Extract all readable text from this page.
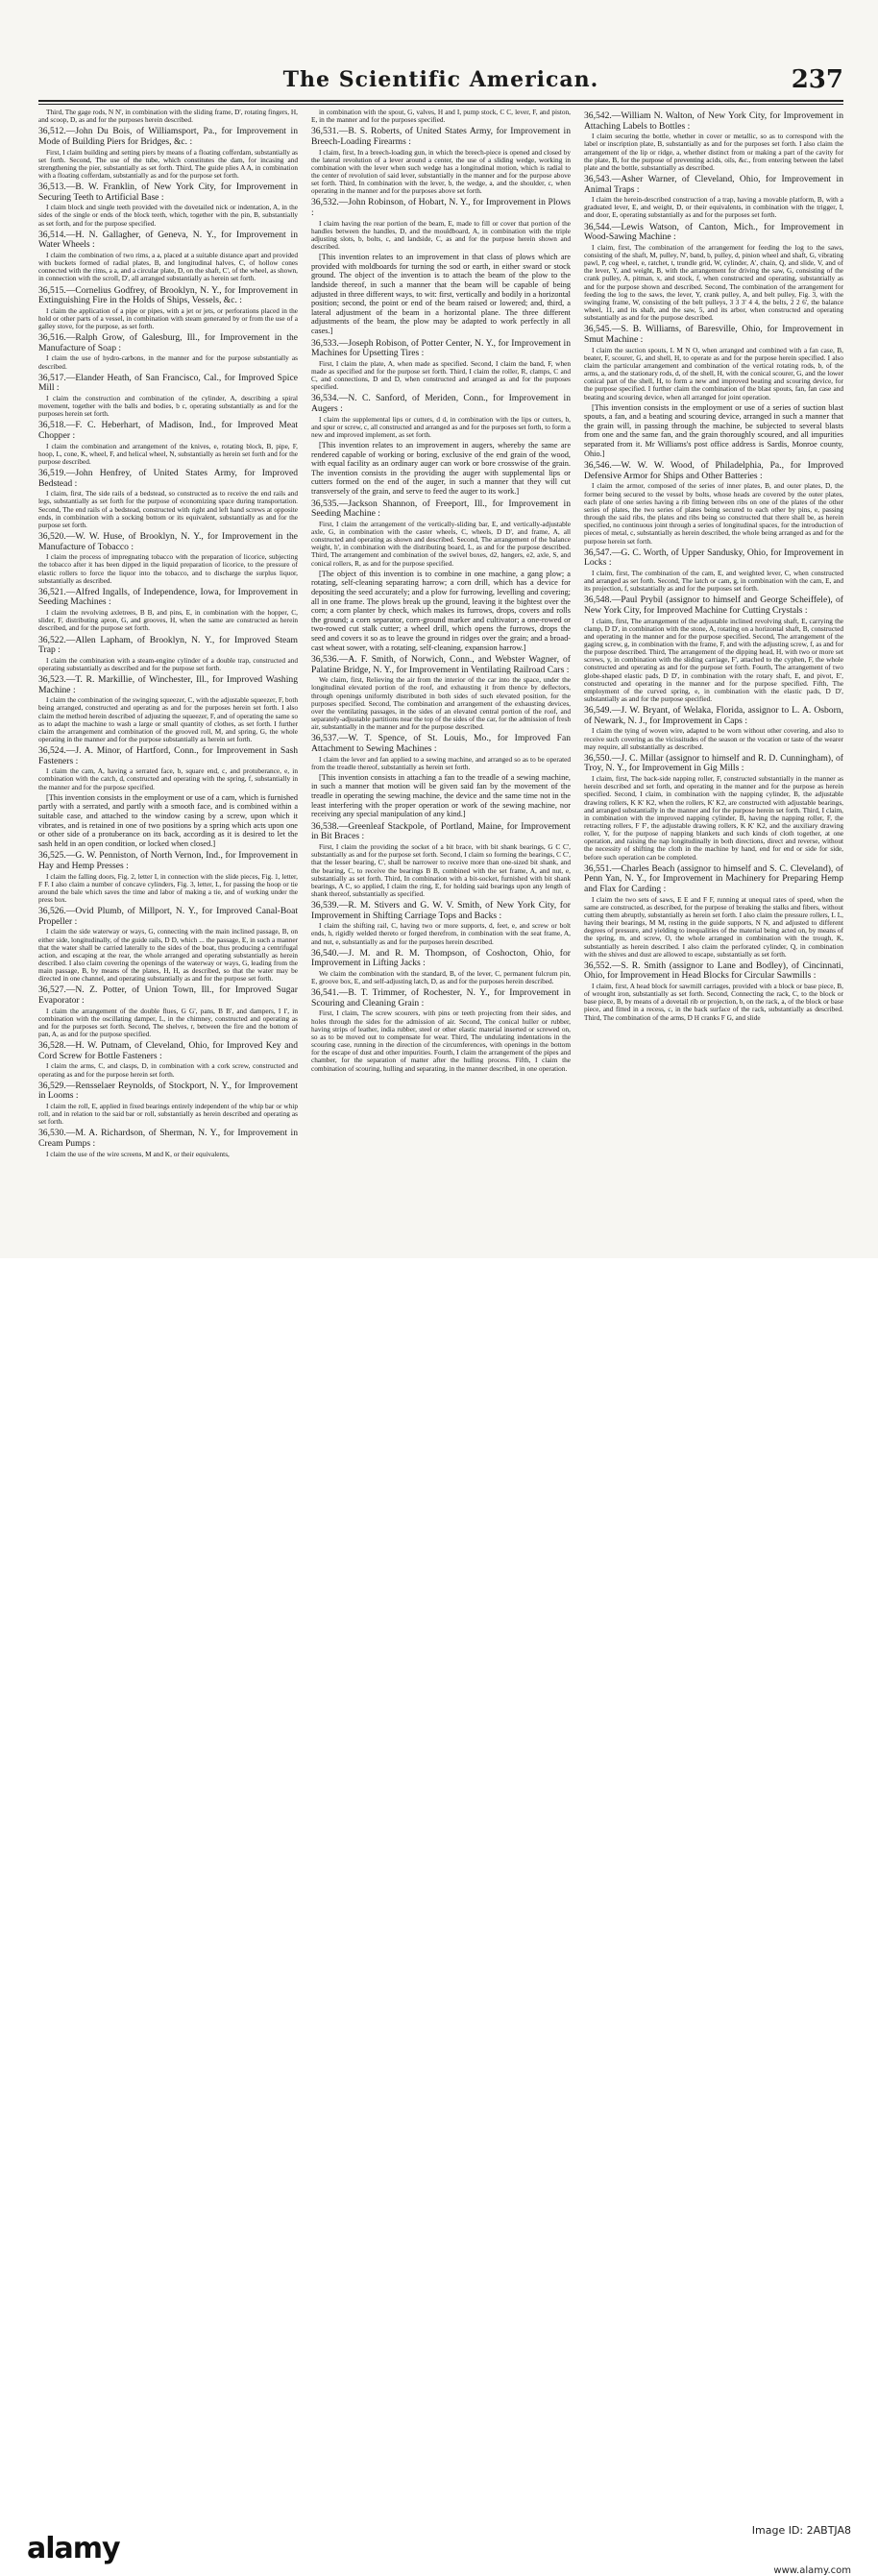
The Scientific American.	237
Third, The gage rods, N N', in combination with the sliding frame, D', rotating fingers, H, and scoop, D, as and for the purposes herein described.
36,512.—John Du Bois, of Williamsport, Pa., for Improvement in Mode of Building Piers for Bridges, &c. :
First, I claim building and setting piers by means of a floating cofferdam, substantially as set forth. Second, The use of the tube, which constitutes the dam, for incasing and strengthening the pier, substantially as set forth. Third, The guide plies A A, in combination with a floating cofferdam, substantially as and for the purpose set forth.
36,513.—B. W. Franklin, of New York City, for Improvement in Securing Teeth to Artificial Base :
I claim block and single teeth provided with the dovetailed nick or indentation, A, in the sides of the single or ends of the block teeth, which, together with the pin, B, substantially as set forth, and for the purpose specified.
36,514.—H. N. Gallagher, of Geneva, N. Y., for Improvement in Water Wheels :
I claim the combination of two rims, a a, placed at a suitable distance apart and provided with buckets formed of radial plates, B, and longitudinal halves, C, of hollow cones connected with the rims, a a, and a circular plate, D, on the shaft, C', of the wheel, as shown, in connection with the scroll, D', all arranged substantially as herein set forth.
36,515.—Cornelius Godfrey, of Brooklyn, N. Y., for Improvement in Extinguishing Fire in the Holds of Ships, Vessels, &c. :
I claim the application of a pipe or pipes, with a jet or jets, or perforations placed in the hold or other parts of a vessel, in combination with steam generated by or from the use of a galley stove, for the purpose, as set forth.
36,516.—Ralph Grow, of Galesburg, Ill., for Improvement in the Manufacture of Soap :
I claim the use of hydro-carbons, in the manner and for the purpose substantially as described.
36,517.—Elander Heath, of San Francisco, Cal., for Improved Spice Mill :
I claim the construction and combination of the cylinder, A, describing a spiral movement, together with the balls and bodies, b c, operating substantially as and for the purposes herein set forth.
36,518.—F. C. Heberhart, of Madison, Ind., for Improved Meat Chopper :
I claim the combination and arrangement of the knives, e, rotating block, B, pipe, F, hoop, L, cone, K, wheel, F, and helical wheel, N, substantially as herein set forth and for the purpose described.
36,519.—John Henfrey, of United States Army, for Improved Bedstead :
I claim, first, The side rails of a bedstead, so constructed as to receive the end rails and legs, substantially as set forth for the purpose of economizing space during transportation. Second, The end rails of a bedstead, constructed with right and left hand screws at opposite ends, in combination with a socking bottom or its equivalent, substantially as and for the purpose set forth.
36,520.—W. W. Huse, of Brooklyn, N. Y., for Improvement in the Manufacture of Tobacco :
I claim the process of impregnating tobacco with the preparation of licorice, subjecting the tobacco after it has been dipped in the liquid preparation of licorice, to the pressure of elastic rollers to force the liquor into the tobacco, and to discharge the surplus liquor, substantially as described.
36,521.—Alfred Ingalls, of Independence, Iowa, for Improvement in Seeding Machines :
I claim the revolving axletrees, B B, and pins, E, in combination with the hopper, C, slider, F, distributing apron, G, and grooves, H, when the same are constructed as herein described, and for the purpose set forth.
36,522.—Allen Lapham, of Brooklyn, N. Y., for Improved Steam Trap :
I claim the combination with a steam-engine cylinder of a double trap, constructed and operating substantially as described and for the purpose set forth.
36,523.—T. R. Markillie, of Winchester, Ill., for Improved Washing Machine :
I claim the combination of the swinging squeezer, C, with the adjustable squeezer, F, both being arranged, constructed and operating as and for the purposes herein set forth. I also claim the method herein described of adjusting the squeezer, F, and of operating the same so as to adapt the machine to wash a large or small quantity of clothes, as set forth. I further claim the arrangement and combination of the grooved roll, M, and spring, G, the whole operating in the manner and for the purpose substantially as herein set forth.
36,524.—J. A. Minor, of Hartford, Conn., for Improvement in Sash Fasteners :
I claim the cam, A, having a serrated face, b, square end, c, and protuberance, e, in combination with the catch, d, constructed and operating with the spring, f, substantially in the manner and for the purpose specified.
[This invention consists in the employment or use of a cam, which is furnished partly with a serrated, and partly with a smooth face, and is combined within a suitable case, and attached to the window casing by a screw, upon which it vibrates, and is retained in one of two positions by a spring which acts upon one or other side of a protuberance on its back, according as it is desired to let the sash held in an open condition, or locked when closed.]
36,525.—G. W. Penniston, of North Vernon, Ind., for Improvement in Hay and Hemp Presses :
I claim the falling doors, Fig. 2, letter I, in connection with the slide pieces, Fig. 1, letter, F F. I also claim a number of concave cylinders, Fig. 3, letter, L, for passing the hoop or tie around the bale which saves the time and labor of making a tie, and of working under the press box.
36,526.—Ovid Plumb, of Millport, N. Y., for Improved Canal-Boat Propeller :
I claim the side waterway or ways, G, connecting with the main inclined passage, B, on either side, longitudinally, of the guide rails, D D, which ... the passage, E, in such a manner that the water shall be carried laterally to the sides of the boat, thus producing a centrifugal action, and escaping at the rear, the whole arranged and operating substantially as herein described. I also claim covering the openings of the waterway or ways, G, leading from the main passage, B, by means of the plates, H, H, as described, so that the water may be directed in one channel, and operating substantially as and for the purpose set forth.
36,527.—N. Z. Potter, of Union Town, Ill., for Improved Sugar Evaporator :
I claim the arrangement of the double flues, G G', pans, B B', and dampers, I I', in combination with the oscillating damper, L, in the chimney, constructed and operating as and for the purposes set forth. Second, The shelves, r, between the fire and the bottom of pan, A, as and for the purpose specified.
36,528.—H. W. Putnam, of Cleveland, Ohio, for Improved Key and Cord Screw for Bottle Fasteners :
I claim the arms, C, and clasps, D, in combination with a cork screw, constructed and operating as and for the purpose herein set forth.
36,529.—Rensselaer Reynolds, of Stockport, N. Y., for Improvement in Looms :
I claim the roll, E, applied in fixed bearings entirely independent of the whip bar or whip roll, and in relation to the said bar or roll, substantially as herein described and operating as set forth.
36,530.—M. A. Richardson, of Sherman, N. Y., for Improvement in Cream Pumps :
I claim the use of the wire screens, M and K, or their equivalents,
in combination with the spout, G, valves, H and I, pump stock, C C, lever, F, and piston, E, in the manner and for the purposes specified.
36,531.—B. S. Roberts, of United States Army, for Improvement in Breech-Loading Firearms :
I claim, first, In a breech-loading gun, in which the breech-piece is opened and closed by the lateral revolution of a lever around a center, the use of a sliding wedge, working in combination with the lever when such wedge has a longitudinal motion, which is radial to the center of revolution of said lever, substantially in the manner and for the purpose above set forth. Third, In combination with the lever, b, the wedge, a, and the shoulder, c, when operating in the manner and for the purposes above set forth.
36,532.—John Robinson, of Hobart, N. Y., for Improvement in Plows :
I claim having the rear portion of the beam, E, made to fill or cover that portion of the handles between the handles, D, and the mouldboard, A, in combination with the triple adjusting slots, b, bolts, c, and landside, C, as and for the purpose herein shown and described.
[This invention relates to an improvement in that class of plows which are provided with moldboards for turning the sod or earth, in either sward or stock ground. The object of the invention is to attach the beam of the plow to the landside thereof, in such a manner that the beam will be capable of being adjusted in three different ways, to wit: first, vertically and bodily in a horizontal position; second, the point or end of the beam raised or lowered; and, third, a lateral adjustment of the beam in a horizontal plane. The three different adjustments of the beam, the plow may be adapted to work perfectly in all cases.]
36,533.—Joseph Robison, of Potter Center, N. Y., for Improvement in Machines for Upsetting Tires :
First, I claim the plate, A, when made as specified. Second, I claim the band, F, when made as specified and for the purpose set forth. Third, I claim the roller, R, clamps, C and C, and connections, D and D, when constructed and arranged as and for the purposes specified.
36,534.—N. C. Sanford, of Meriden, Conn., for Improvement in Augers :
I claim the supplemental lips or cutters, d d, in combination with the lips or cutters, b, and spur or screw, c, all constructed and arranged as and for the purposes set forth, to form a new and improved implement, as set forth.
[This invention relates to an improvement in augers, whereby the same are rendered capable of working or boring, exclusive of the end grain of the wood, with equal facility as an ordinary auger can work or bore crosswise of the grain. The invention consists in the providing the auger with supplemental lips or cutters formed on the end of the auger, in such a manner that they will cut transversely of the grain, and serve to feed the auger to its work.]
36,535.—Jackson Shannon, of Freeport, Ill., for Improvement in Seeding Machine :
First, I claim the arrangement of the vertically-sliding bar, E, and vertically-adjustable axle, G, in combination with the caster wheels, C, wheels, D D', and frame, A, all constructed and operating as shown and described. Second, The arrangement of the balance weight, h', in combination with the distributing board, L, as and for the purpose described. Third, The arrangement and combination of the swivel boxes, d2, hangers, e2, axle, S, and conical rollers, R, as and for the purpose specified.
[The object of this invention is to combine in one machine, a gang plow; a rotating, self-cleaning separating harrow; a corn drill, which has a device for depositing the seed accurately; and a plow for furrowing, levelling and covering; all in one frame. The plows break up the ground, leaving it the bightest over the corn; a corn planter by check, which makes its furrows, drops, covers and rolls the ground; a corn separator, corn-ground marker and cultivator; a one-rowed or two-rowed cut stalk cutter; a wheel drill, which opens the furrows, drops the seed and covers it so as to leave the ground in ridges over the grain; and a broad-cast wheat sower, with a rotating, self-cleaning, expansion harrow.]
36,536.—A. F. Smith, of Norwich, Conn., and Webster Wagner, of Palatine Bridge, N. Y., for Improvement in Ventilating Railroad Cars :
We claim, first, Relieving the air from the interior of the car into the space, under the longitudinal elevated portion of the roof, and exhausting it from thence by deflectors, through openings uniformly distributed in both sides of such elevated position, for the purposes specified. Second, The combination and arrangement of the exhausting devices, over the ventilating passages, in the sides of an elevated central portion of the roof, and separately-adjustable partitions near the top of the sides of the car, for the admission of fresh air, substantially in the manner and for the purpose described.
36,537.—W. T. Spence, of St. Louis, Mo., for Improved Fan Attachment to Sewing Machines :
I claim the lever and fan applied to a sewing machine, and arranged so as to be operated from the treadle thereof, substantially as herein set forth.
[This invention consists in attaching a fan to the treadle of a sewing machine, in such a manner that motion will be given said fan by the movement of the treadle in operating the sewing machine, the device and the same time not in the least interfering with the proper operation or work of the sewing machine, nor receiving any special manipulation of any kind.]
36,538.—Greenleaf Stackpole, of Portland, Maine, for Improvement in Bit Braces :
First, I claim the providing the socket of a bit brace, with bit shank bearings, G C C', substantially as and for the purpose set forth. Second, I claim so forming the bearings, C C', that the lesser bearing, C', shall be narrower to receive more than one-sized bit shank, and the bearing, C, to receive the bearings B B, combined with the set frame, A, and nut, e, substantially as set forth. Third, In combination with a bit-socket, furnished with bit shank bearings, A C, so applied, I claim the ring, E, for holding said bearings upon any length of shank thereof, substantially as specified.
36,539.—R. M. Stivers and G. W. V. Smith, of New York City, for Improvement in Shifting Carriage Tops and Backs :
I claim the shifting rail, C, having two or more supports, d, feet, e, and screw or bolt ends, h, rigidly welded thereto or forged therefrom, in combination with the seat frame, A, and nut, e, substantially as and for the purposes herein described.
36,540.—J. M. and R. M. Thompson, of Coshocton, Ohio, for Improvement in Lifting Jacks :
We claim the combination with the standard, B, of the lever, C, permanent fulcrum pin, E, groove box, E, and self-adjusting latch, D, as and for the purposes herein described.
36,541.—B. T. Trimmer, of Rochester, N. Y., for Improvement in Scouring and Cleaning Grain :
First, I claim, The screw scourers, with pins or teeth projecting from their sides, and holes through the sides for the admission of air. Second, The conical huller or rubber, having strips of leather, india rubber, steel or other elastic material inserted or screwed on, so as to be moved out to compensate for wear. Third, The undulating indentations in the scouring case, running in the direction of the circumferences, with openings in the bottom for the escape of dust and other impurities. Fourth, I claim the arrangement of the pipes and chamber, for the separation of matter after the hulling process. Fifth, I claim the combination of scouring, hulling and separating, in the manner described, in one operation.
36,542.—William N. Walton, of New York City, for Improvement in Attaching Labels to Bottles :
I claim securing the bottle, whether in cover or metallic, so as to correspond with the label or inscription plate, B, substantially as and for the purposes set forth. I also claim the arrangement of the lip or ridge, a, whether distinct from or making a part of the cavity for the plate, B, for the purpose of preventing acids, oils, &c., from entering between the label plate and the bottle, substantially as described.
36,543.—Asher Warner, of Cleveland, Ohio, for Improvement in Animal Traps :
I claim the herein-described construction of a trap, having a movable platform, B, with a graduated lever, E, and weight, D, or their equivalents, in combination with the trigger, I, and door, E, operating substantially as and for the purposes set forth.
36,544.—Lewis Watson, of Canton, Mich., for Improvement in Wood-Sawing Machine :
I claim, first, The combination of the arrangement for feeding the log to the saws, consisting of the shaft, M, pulley, N', band, b, pulley, d, pinion wheel and shaft, G, vibrating pawl, P, cog wheel, e, ratchet, t, trundle grid, W, cylinder, A', chain, Q, and slide, V, and of the lever, Y, and weight, B, with the arrangement for driving the saw, G, consisting of the crank pulley, A, pitman, x, and stock, f, when constructed and operating, substantially as and for the purpose shown and described. Second, The combination of the arrangement for feeding the log to the saws, the lever, Y, crank pulley, A, and belt pulley, Fig. 3, with the swinging frame, W, consisting of the belt pulleys, 3 3 3' 4 4, the belts, 2 2 6', the balance wheel, 11, and its shaft, and the saw, 5, and its arbor, when constructed and operating substantially as and for the purpose described.
36,545.—S. B. Williams, of Baresville, Ohio, for Improvement in Smut Machine :
I claim the suction spouts, L M N O, when arranged and combined with a fan case, B, beater, F, scourer, G, and shell, H, to operate as and for the purpose herein specified. I also claim the particular arrangement and combination of the vertical rotating rods, b, of the arms, a, and the stationary rods, d, of the shell, H, with the conical scourer, G, and the lower conical part of the shell, H, to form a new and improved beating and scouring device, for the purpose specified. I further claim the combination of the blast spouts, fan, fan case and beating and scouring device, when all arranged for joint operation.
[This invention consists in the employment or use of a series of suction blast spouts, a fan, and a beating and scouring device, arranged in such a manner that the grain will, in passing through the machine, be subjected to several blasts from one and the same fan, and the grain thoroughly scoured, and all impurities separated from it. Mr Williams's post office address is Sardis, Monroe county, Ohio.]
36,546.—W. W. W. Wood, of Philadelphia, Pa., for Improved Defensive Armor for Ships and Other Batteries :
I claim the armor, composed of the series of inner plates, B, and outer plates, D, the former being secured to the vessel by bolts, whose heads are covered by the outer plates, each plate of one series having a rib fitting between ribs on one of the plates of the other series of plates, the two series of plates being secured to each other by pins, e, passing through the said ribs, the plates and ribs being so constructed that there shall be, as herein specified, no continuous joint through a series of longitudinal spaces, for the introduction of pieces of metal, c, substantially as herein described, the whole being arranged as and for the purpose herein set forth.
36,547.—G. C. Worth, of Upper Sandusky, Ohio, for Improvement in Locks :
I claim, first, The combination of the cam, E, and weighted lever, C, when constructed and arranged as set forth. Second, The latch or cam, g, in combination with the cam, E, and its projection, f, substantially as and for the purposes set forth.
36,548.—Paul Prybil (assignor to himself and George Scheiffele), of New York City, for Improved Machine for Cutting Crystals :
I claim, first, The arrangement of the adjustable inclined revolving shaft, E, carrying the clamp, D D', in combination with the stone, A, rotating on a horizontal shaft, B, constructed and operating in the manner and for the purpose specified. Second, The arrangement of the gaging screw, g, in combination with the frame, F, and with the adjusting screw, f, as and for the purpose described. Third, The arrangement of the dipping head, H, with two or more set screws, y, in combination with the sliding carriage, F', attached to the cyphen, F, the whole constructed and operating as and for the purpose set forth. Fourth, The arrangement of two globe-shaped elastic pads, D D', in combination with the rotary shaft, E, and pivot, E', constructed and operating in the manner and for the purpose specified. Fifth, The employment of the curved spring, e, in combination with the elastic pads, D D', substantially as and for the purpose specified.
36,549.—J. W. Bryant, of Welaka, Florida, assignor to L. A. Osborn, of Newark, N. J., for Improvement in Caps :
I claim the tying of woven wire, adapted to be worn without other covering, and also to receive such covering as the vicissitudes of the season or the vocation or taste of the wearer may require, all substantially as described.
36,550.—J. C. Millar (assignor to himself and R. D. Cunningham), of Troy, N. Y., for Improvement in Gig Mills :
I claim, first, The back-side napping roller, F, constructed substantially in the manner as herein described and set forth, and operating in the manner and for the purpose as herein specified. Second, I claim, in combination with the napping cylinder, B, the adjustable drawing rollers, K K' K2, when the rollers, K' K2, are constructed with adjustable bearings, and arranged substantially in the manner and for the purpose herein set forth. Third, I claim, in combination with the improved napping cylinder, B, having the napping roller, F, the retracting rollers, F F', the adjustable drawing rollers, K K' K2, and the auxiliary drawing roller, Y, for the purpose of napping blankets and such kinds of cloth together, at one operation, and raising the nap longitudinally in both directions, direct and reverse, without the necessity of shifting the cloth in the machine by hand, end for end or side for side, before such operation can be completed.
36,551.—Charles Beach (assignor to himself and S. C. Cleveland), of Penn Yan, N. Y., for Improvement in Machinery for Preparing Hemp and Flax for Carding :
I claim the two sets of saws, E E and F F, running at unequal rates of speed, when the same are constructed, as described, for the purpose of breaking the stalks and fibers, without cutting them abruptly, substantially as herein set forth. I also claim the pressure rollers, L L, having their bearings, M M, resting in the guide supports, N N, and adjusted to different degrees of pressure, and yielding to inequalities of the material being acted on, by means of the spring, m, and screw, O, the whole arranged in combination with the trough, K, substantially as herein described. I also claim the perforated cylinder, Q, in combination with the shives and dust are allowed to escape, substantially as set forth.
36,552.—S. R. Smith (assignor to Lane and Bodley), of Cincinnati, Ohio, for Improvement in Head Blocks for Circular Sawmills :
I claim, first, A head block for sawmill carriages, provided with a block or base piece, B, of wrought iron, substantially as set forth. Second, Connecting the rack, C, to the block or base piece, B, by means of a dovetail rib or projection, b, on the rack, a, of the block or base piece, and fitted in a recess, c, in the back surface of the rack, substantially as described. Third, The combination of the arms, D H cranks F G, and slide
alamy
Image ID: 2ABTJA8
www.alamy.com
